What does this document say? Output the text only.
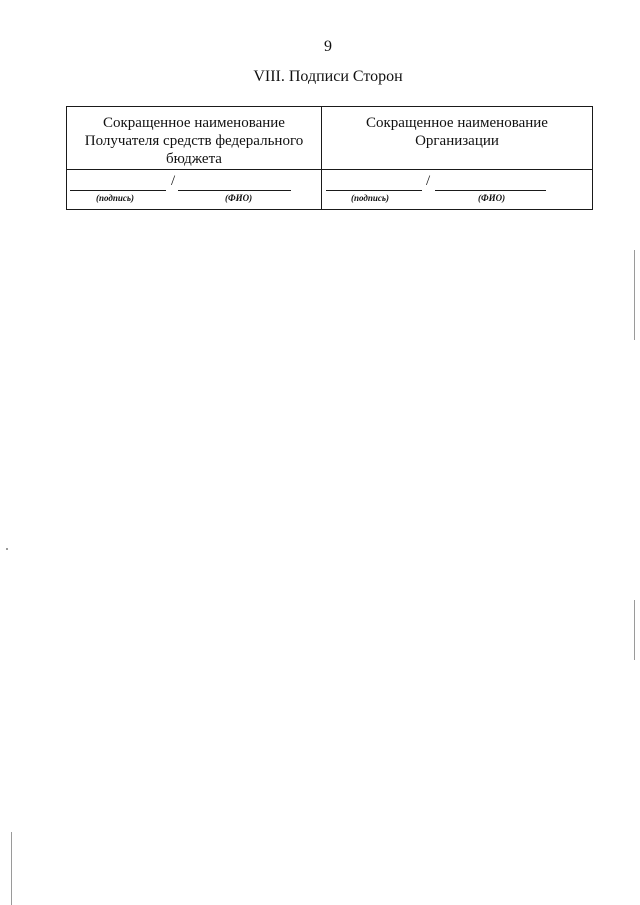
9
VIII. Подписи Сторон
Сокращенное наименование
Получателя средств федерального
бюджета
/
(подпись)	(ФИО)
Сокращенное наименование
Организации
/
(подпись)	(ФИО)
